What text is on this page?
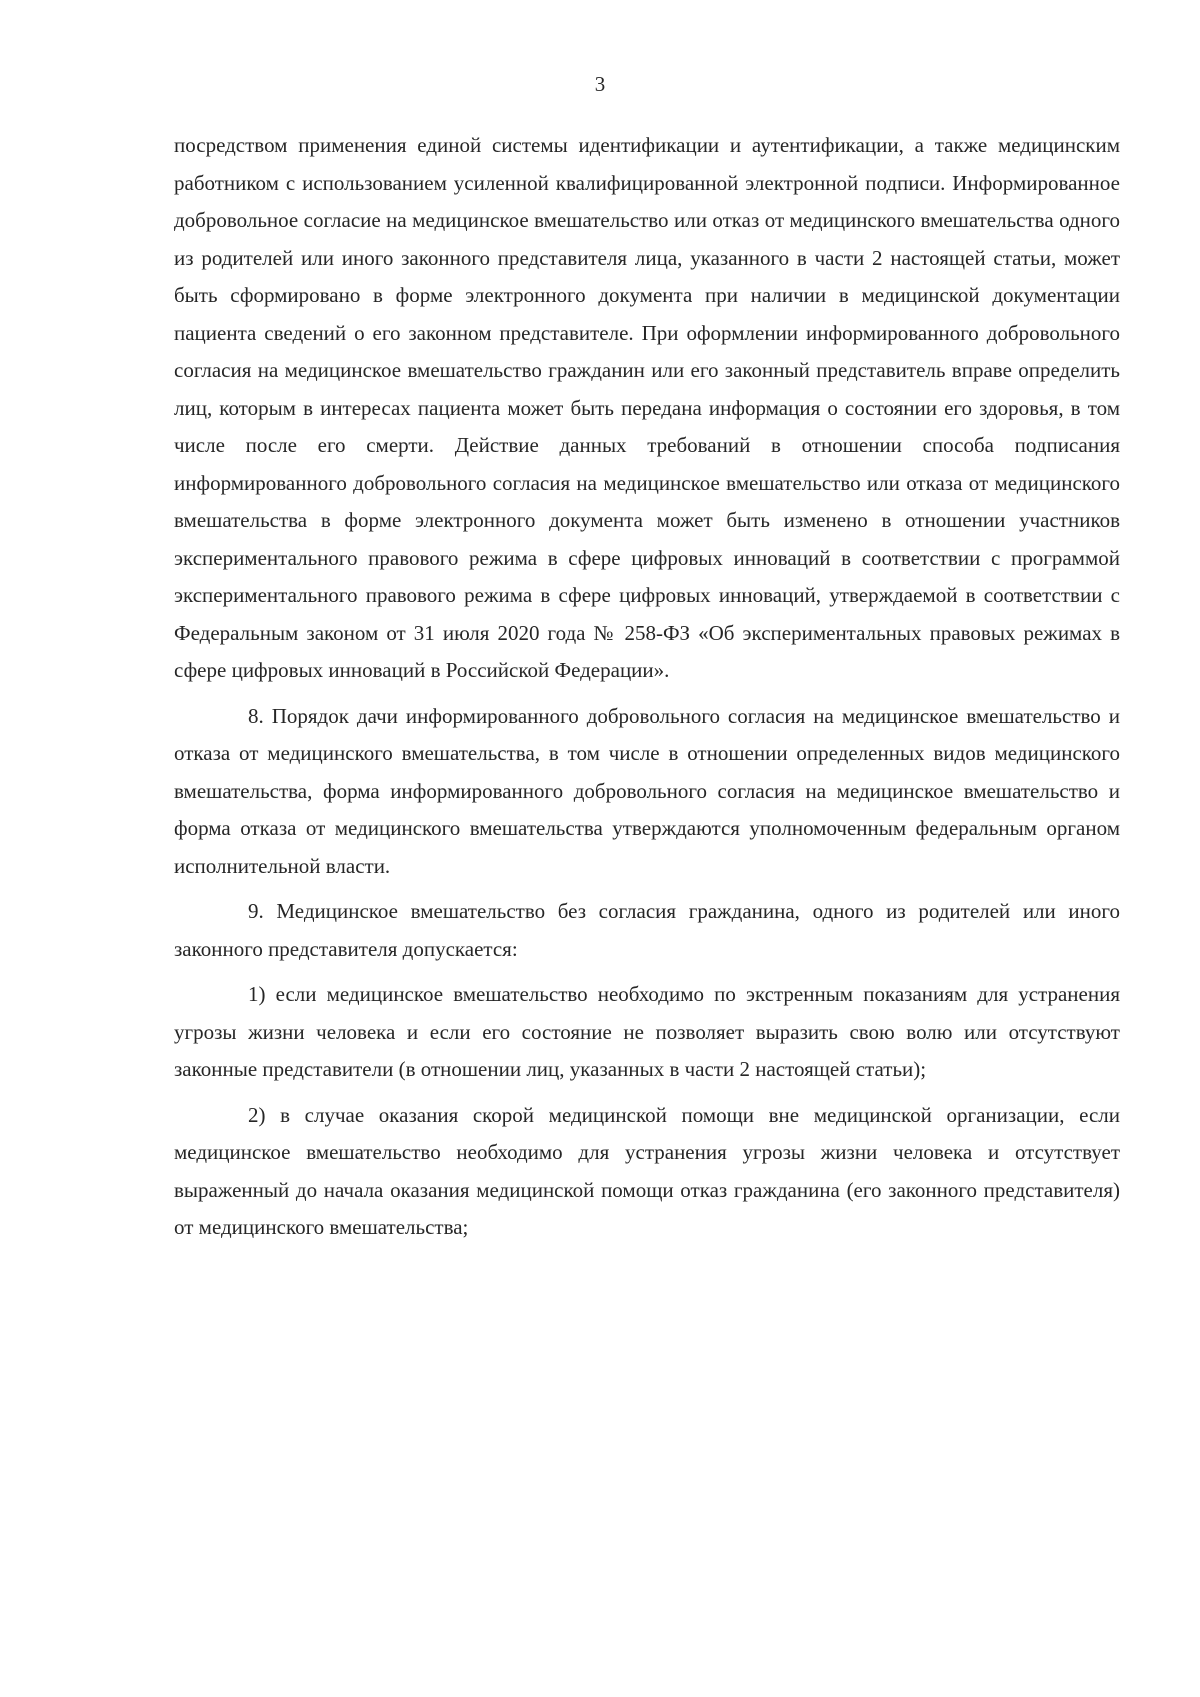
3

посредством применения единой системы идентификации и аутентификации, а также медицинским работником с использованием усиленной квалифицированной электронной подписи. Информированное добровольное согласие на медицинское вмешательство или отказ от медицинского вмешательства одного из родителей или иного законного представителя лица, указанного в части 2 настоящей статьи, может быть сформировано в форме электронного документа при наличии в медицинской документации пациента сведений о его законном представителе. При оформлении информированного добровольного согласия на медицинское вмешательство гражданин или его законный представитель вправе определить лиц, которым в интересах пациента может быть передана информация о состоянии его здоровья, в том числе после его смерти. Действие данных требований в отношении способа подписания информированного добровольного согласия на медицинское вмешательство или отказа от медицинского вмешательства в форме электронного документа может быть изменено в отношении участников экспериментального правового режима в сфере цифровых инноваций в соответствии с программой экспериментального правового режима в сфере цифровых инноваций, утверждаемой в соответствии с Федеральным законом от 31 июля 2020 года № 258-ФЗ «Об экспериментальных правовых режимах в сфере цифровых инноваций в Российской Федерации».

8. Порядок дачи информированного добровольного согласия на медицинское вмешательство и отказа от медицинского вмешательства, в том числе в отношении определенных видов медицинского вмешательства, форма информированного добровольного согласия на медицинское вмешательство и форма отказа от медицинского вмешательства утверждаются уполномоченным федеральным органом исполнительной власти.

9. Медицинское вмешательство без согласия гражданина, одного из родителей или иного законного представителя допускается:

1) если медицинское вмешательство необходимо по экстренным показаниям для устранения угрозы жизни человека и если его состояние не позволяет выразить свою волю или отсутствуют законные представители (в отношении лиц, указанных в части 2 настоящей статьи);

2) в случае оказания скорой медицинской помощи вне медицинской организации, если медицинское вмешательство необходимо для устранения угрозы жизни человека и отсутствует выраженный до начала оказания медицинской помощи отказ гражданина (его законного представителя) от медицинского вмешательства;
